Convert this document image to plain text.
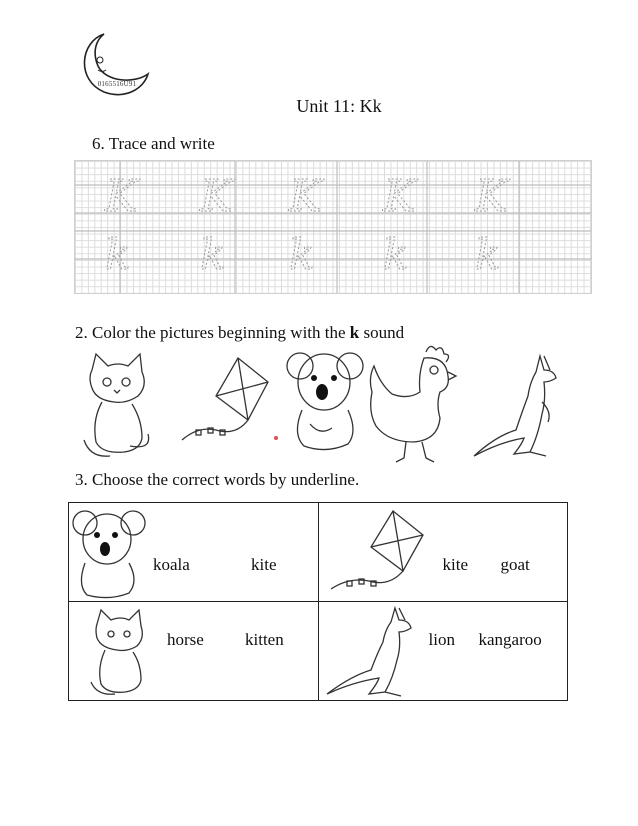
0165516U91
Unit 11: Kk
6. Trace and write
K
k
K
k
K
k
K
k
K
k
2. Color the pictures beginning with the k sound
3. Choose the correct words by underline.
koala kite	kite goat

horse kitten	lion kangaroo
